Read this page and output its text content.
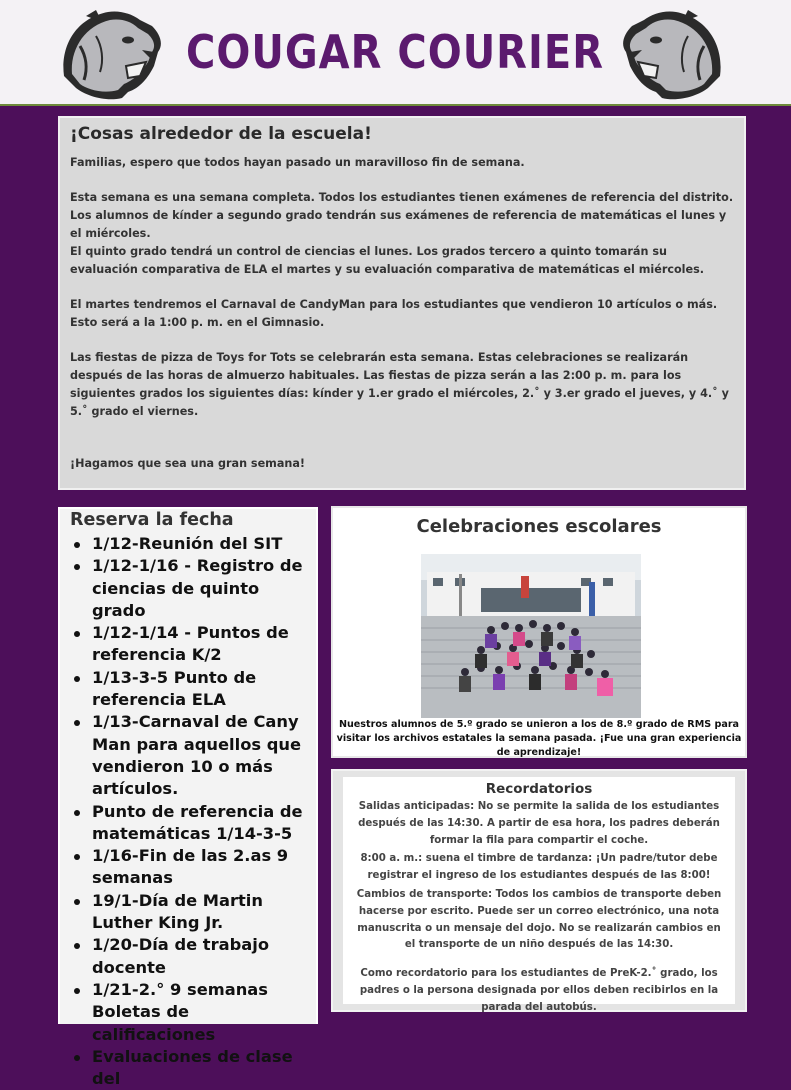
COUGAR COURIER
¡Cosas alrededor de la escuela!

Familias, espero que todos hayan pasado un maravilloso fin de semana.

Esta semana es una semana completa. Todos los estudiantes tienen exámenes de referencia del distrito. Los alumnos de kínder a segundo grado tendrán sus exámenes de referencia de matemáticas el lunes y el miércoles.

El quinto grado tendrá un control de ciencias el lunes. Los grados tercero a quinto tomarán su evaluación comparativa de ELA el martes y su evaluación comparativa de matemáticas el miércoles.

El martes tendremos el Carnaval de CandyMan para los estudiantes que vendieron 10 artículos o más. Esto será a la 1:00 p. m. en el Gimnasio.

Las fiestas de pizza de Toys for Tots se celebrarán esta semana. Estas celebraciones se realizarán después de las horas de almuerzo habituales. Las fiestas de pizza serán a las 2:00 p. m. para los siguientes grados los siguientes días: kínder y 1.er grado el miércoles, 2.˚ y 3.er grado el jueves, y 4.˚ y 5.˚ grado el viernes.

¡Hagamos que sea una gran semana!

Reserva la fecha
1/12-Reunión del SIT
1/12-1/16 - Registro de ciencias de quinto grado
1/12-1/14 - Puntos de referencia K/2
1/13-3-5 Punto de referencia ELA
1/13-Carnaval de Cany Man para aquellos que vendieron 10 o más artículos.
Punto de referencia de matemáticas 1/14-3-5
1/16-Fin de las 2.as 9 semanas
19/1-Día de Martin Luther King Jr.
1/20-Día de trabajo docente
1/21-2.° 9 semanas Boletas de calificaciones
Evaluaciones de clase del
Celebraciones escolares
Nuestros alumnos de 5.º grado se unieron a los de 8.º grado de RMS para visitar los archivos estatales la semana pasada. ¡Fue una gran experiencia de aprendizaje!
Recordatorios

Salidas anticipadas: No se permite la salida de los estudiantes después de las 14:30. A partir de esa hora, los padres deberán formar la fila para compartir el coche.

8:00 a. m.: suena el timbre de tardanza: ¡Un padre/tutor debe registrar el ingreso de los estudiantes después de las 8:00!

Cambios de transporte: Todos los cambios de transporte deben hacerse por escrito. Puede ser un correo electrónico, una nota manuscrita o un mensaje del dojo. No se realizarán cambios en el transporte de un niño después de las 14:30.

Como recordatorio para los estudiantes de PreK-2.˚ grado, los padres o la persona designada por ellos deben recibirlos en la parada del autobús.
